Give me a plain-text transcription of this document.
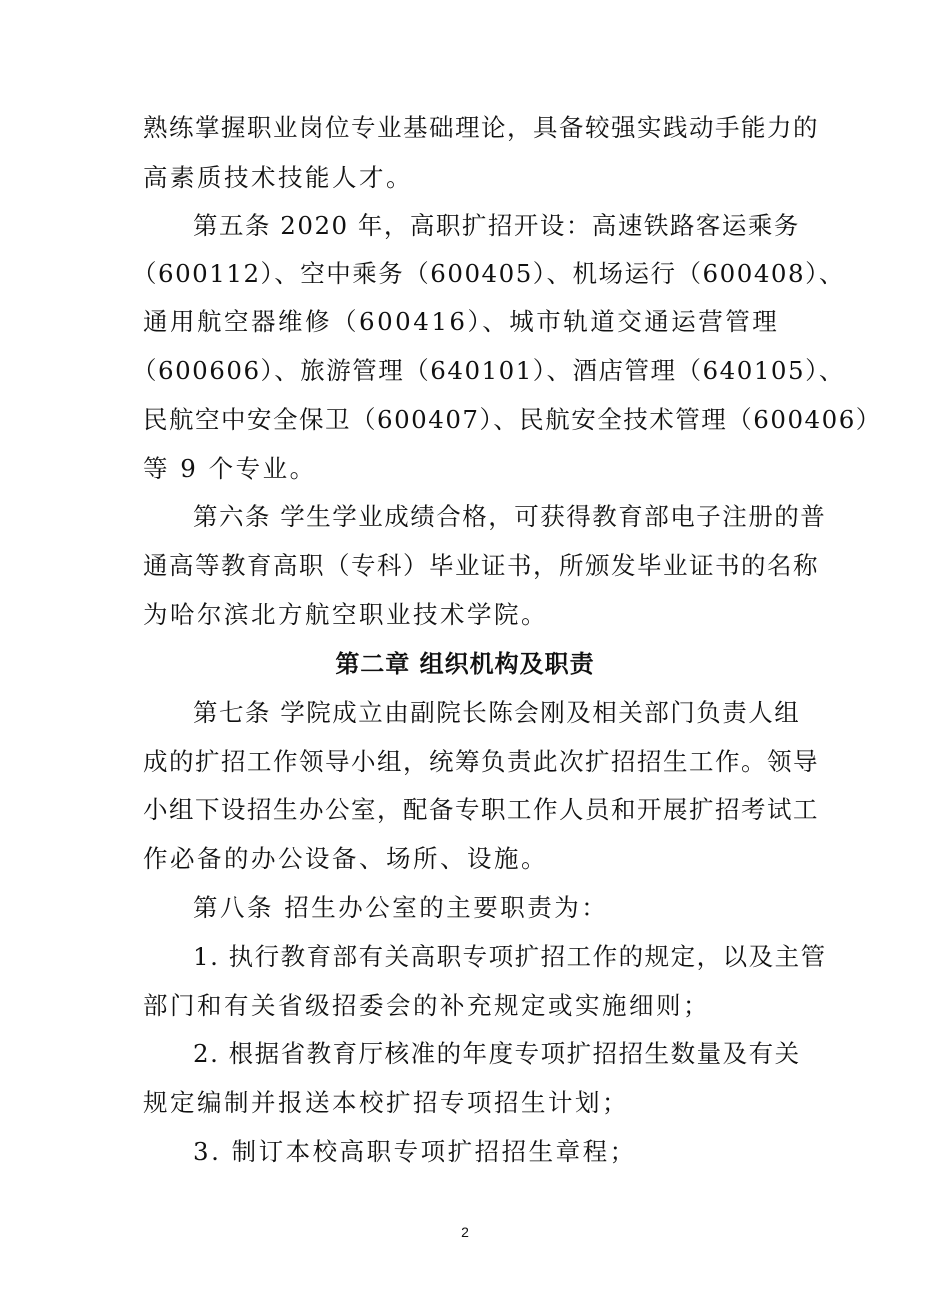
熟练掌握职业岗位专业基础理论，具备较强实践动手能力的
高素质技术技能人才。
第五条 2020 年，高职扩招开设：高速铁路客运乘务
（600112）、空中乘务（600405）、机场运行（600408）、
通用航空器维修（600416）、城市轨道交通运营管理
（600606）、旅游管理（640101）、酒店管理（640105）、
民航空中安全保卫（600407）、民航安全技术管理（600406）
等 9 个专业。
第六条 学生学业成绩合格，可获得教育部电子注册的普
通高等教育高职（专科）毕业证书，所颁发毕业证书的名称
为哈尔滨北方航空职业技术学院。
第二章 组织机构及职责
第七条 学院成立由副院长陈会刚及相关部门负责人组
成的扩招工作领导小组，统筹负责此次扩招招生工作。领导
小组下设招生办公室，配备专职工作人员和开展扩招考试工
作必备的办公设备、场所、设施。
第八条 招生办公室的主要职责为：
1. 执行教育部有关高职专项扩招工作的规定，以及主管
部门和有关省级招委会的补充规定或实施细则；
2. 根据省教育厅核准的年度专项扩招招生数量及有关
规定编制并报送本校扩招专项招生计划；
3. 制订本校高职专项扩招招生章程；
2
